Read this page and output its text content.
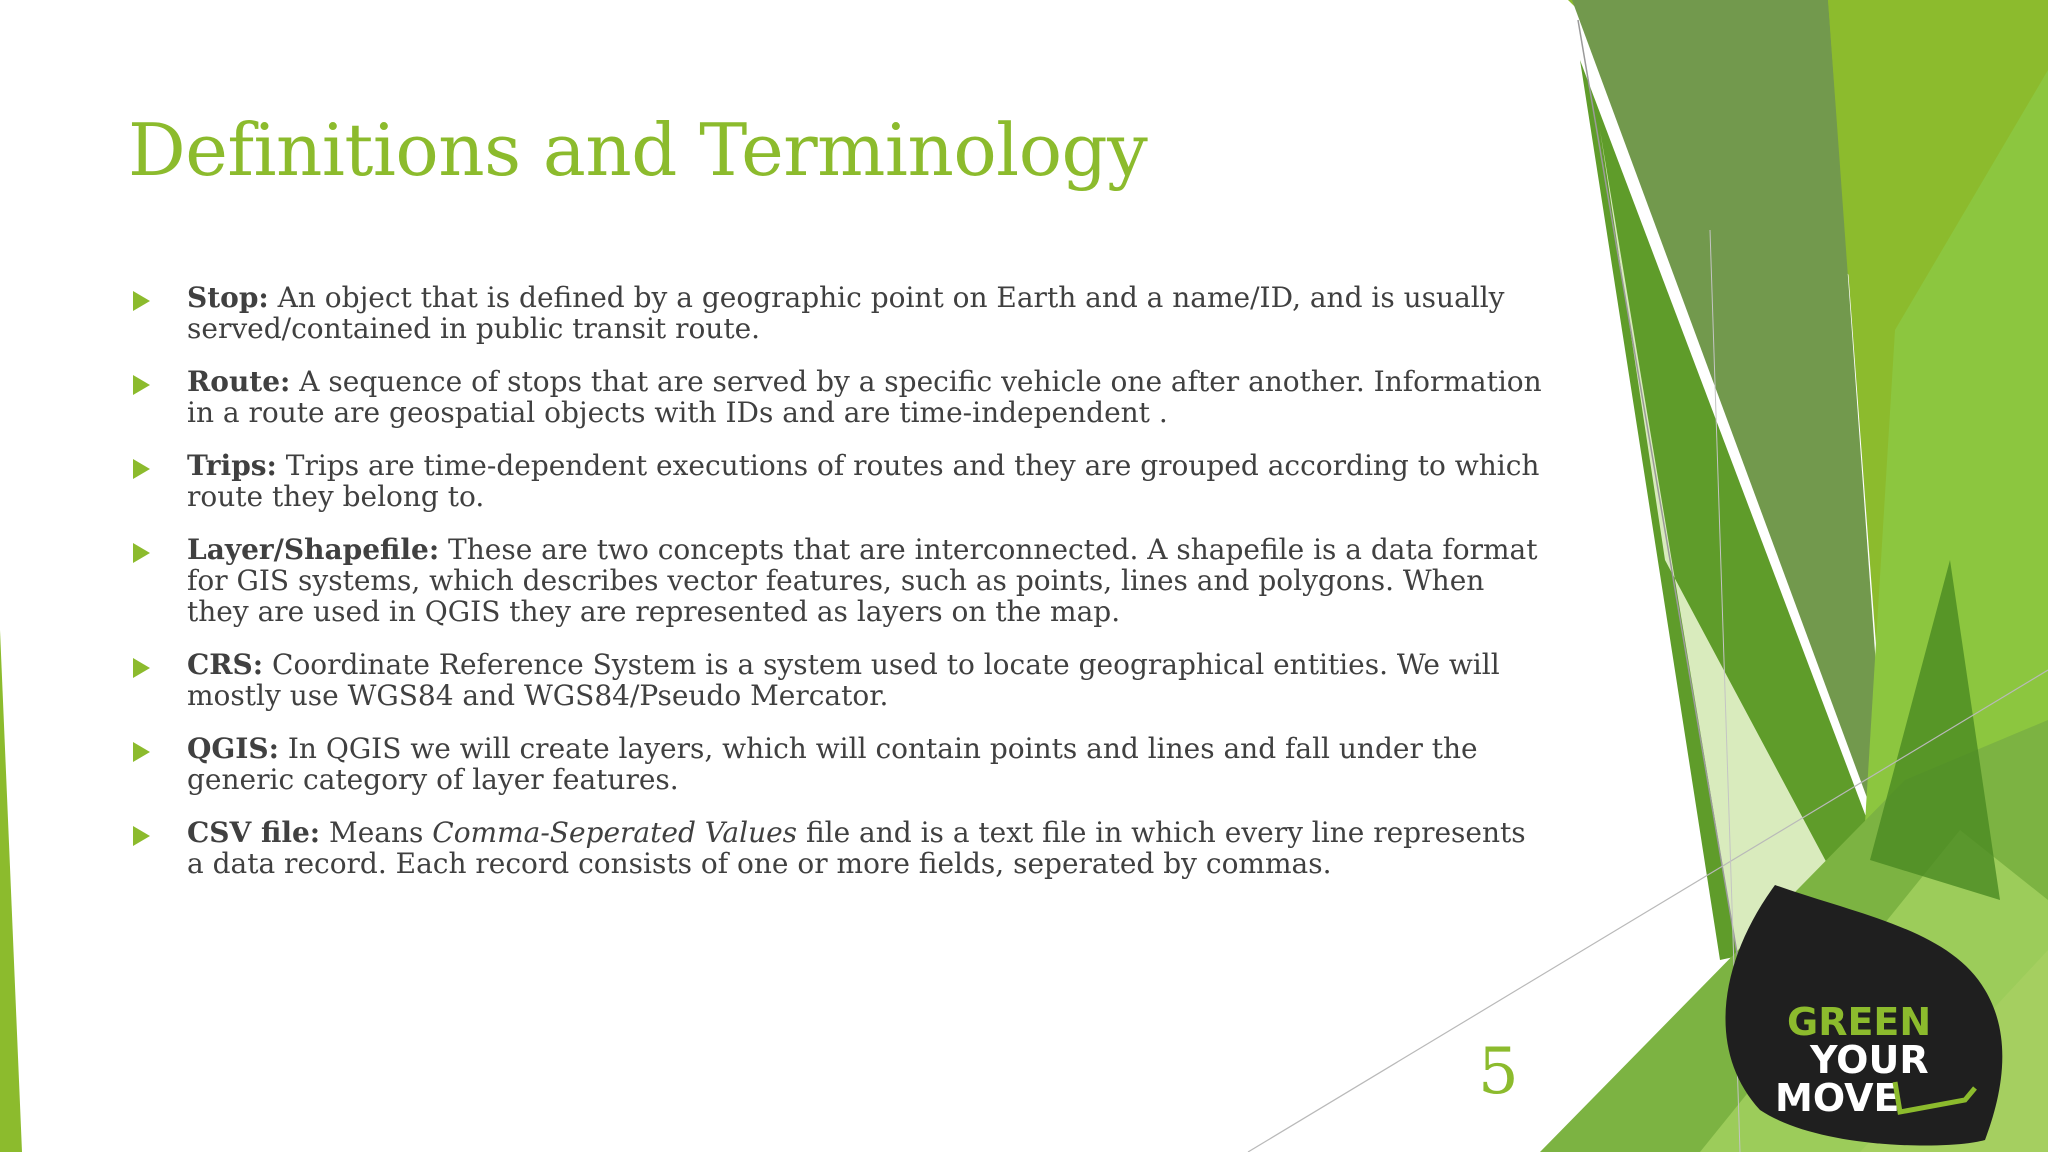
GREEN
YOUR
MOVE
Definitions and Terminology
Stop: An object that is defined by a geographic point on Earth and a name/ID, and is usually served/contained in public transit route.
Route: A sequence of stops that are served by a specific vehicle one after another. Information in a route are geospatial objects with IDs and are time-independent .
Trips: Trips are time-dependent executions of routes and they are grouped according to which route they belong to.
Layer/Shapefile: These are two concepts that are interconnected. A shapefile is a data format for GIS systems, which describes vector features, such as points, lines and polygons. When they are used in QGIS they are represented as layers on the map.
CRS: Coordinate Reference System is a system used to locate geographical entities. We will mostly use WGS84 and WGS84/Pseudo Mercator.
QGIS: In QGIS we will create layers, which will contain points and lines and fall under the generic category of layer features.
CSV file: Means Comma-Seperated Values file and is a text file in which every line represents a data record. Each record consists of one or more fields, seperated by commas.
5
